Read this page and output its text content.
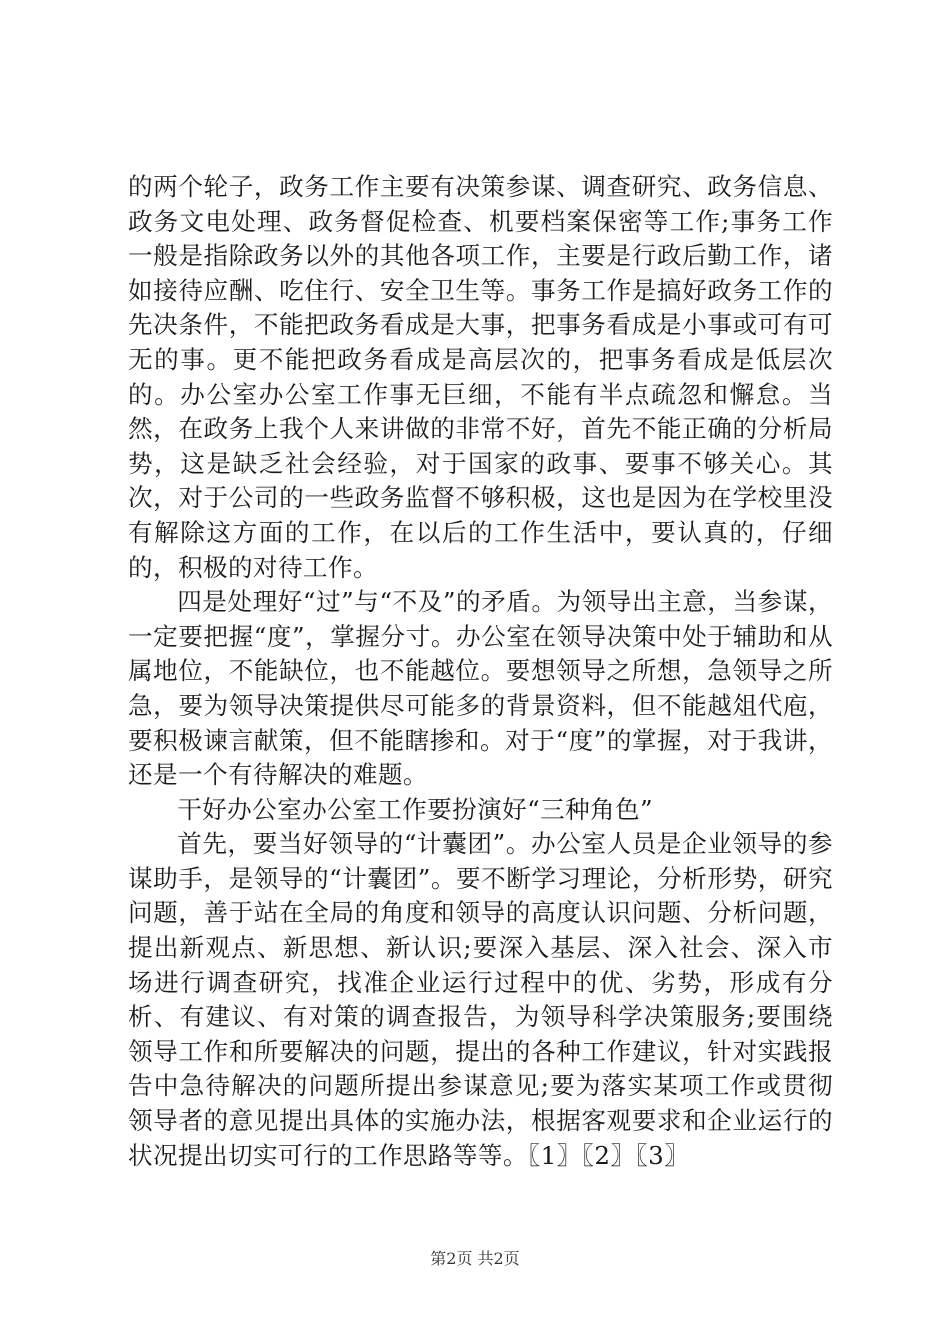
的两个轮子，政务工作主要有决策参谋、调查研究、政务信息、政务文电处理、政务督促检查、机要档案保密等工作;事务工作一般是指除政务以外的其他各项工作，主要是行政后勤工作，诸如接待应酬、吃住行、安全卫生等。事务工作是搞好政务工作的先决条件，不能把政务看成是大事，把事务看成是小事或可有可无的事。更不能把政务看成是高层次的，把事务看成是低层次的。办公室办公室工作事无巨细，不能有半点疏忽和懈怠。当然，在政务上我个人来讲做的非常不好，首先不能正确的分析局势，这是缺乏社会经验，对于国家的政事、要事不够关心。其次，对于公司的一些政务监督不够积极，这也是因为在学校里没有解除这方面的工作，在以后的工作生活中，要认真的，仔细的，积极的对待工作。

四是处理好“过”与“不及”的矛盾。为领导出主意，当参谋，一定要把握“度”，掌握分寸。办公室在领导决策中处于辅助和从属地位，不能缺位，也不能越位。要想领导之所想，急领导之所急，要为领导决策提供尽可能多的背景资料，但不能越俎代庖，要积极谏言献策，但不能瞎掺和。对于“度”的掌握，对于我讲，还是一个有待解决的难题。

干好办公室办公室工作要扮演好“三种角色”

首先，要当好领导的“计囊团”。办公室人员是企业领导的参谋助手，是领导的“计囊团”。要不断学习理论，分析形势，研究问题，善于站在全局的角度和领导的高度认识问题、分析问题，提出新观点、新思想、新认识;要深入基层、深入社会、深入市场进行调查研究，找准企业运行过程中的优、劣势，形成有分析、有建议、有对策的调查报告，为领导科学决策服务;要围绕领导工作和所要解决的问题，提出的各种工作建议，针对实践报告中急待解决的问题所提出参谋意见;要为落实某项工作或贯彻领导者的意见提出具体的实施办法，根据客观要求和企业运行的状况提出切实可行的工作思路等等。〖1〗〖2〗〖3〗

第2页 共2页
